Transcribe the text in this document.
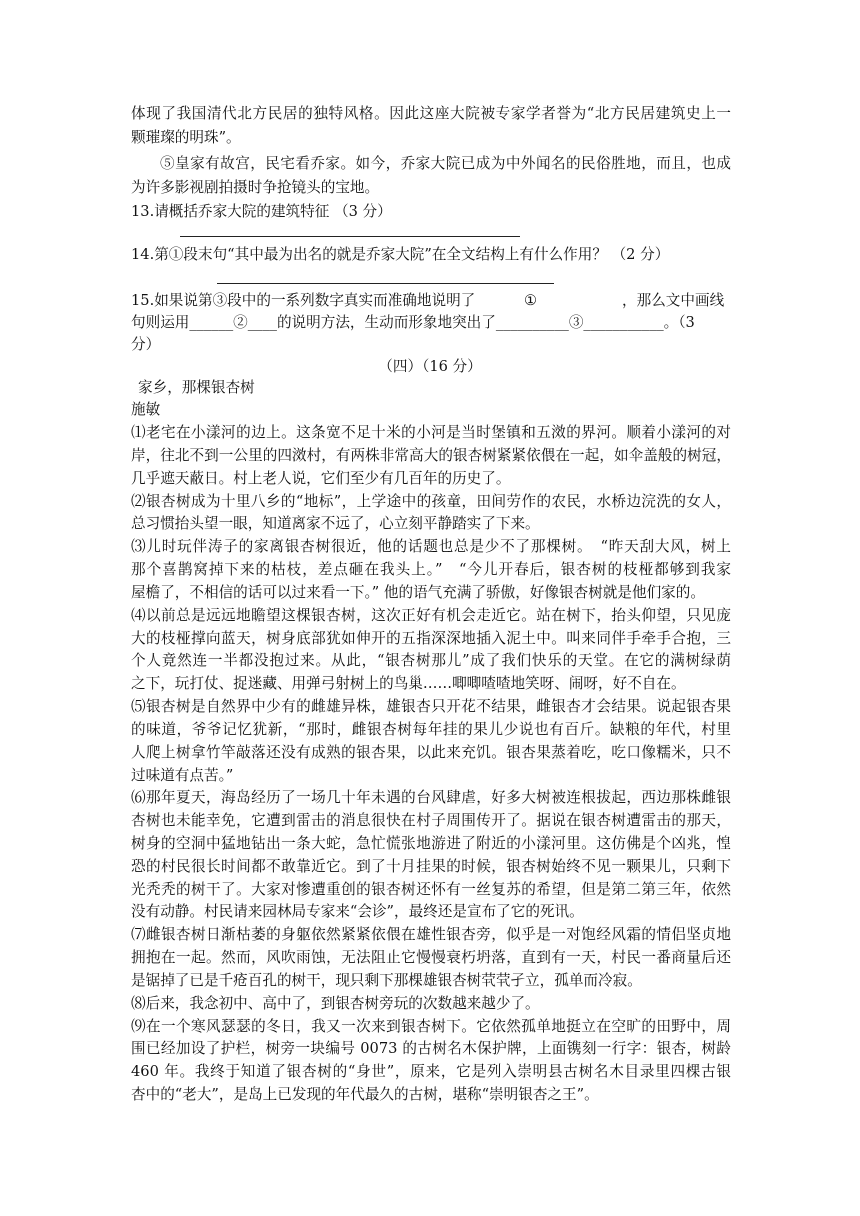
体现了我国清代北方民居的独特风格。因此这座大院被专家学者誉为“北方民居建筑史上一
颗璀璨的明珠”。
⑤皇家有故宫，民宅看乔家。如今，乔家大院已成为中外闻名的民俗胜地，而且，也成
为许多影视剧拍摄时争抢镜头的宝地。
13.请概括乔家大院的建筑特征 （3 分）
14.第①段末句“其中最为出名的就是乔家大院”在全文结构上有什么作用？ （2 分）
15.如果说第③段中的一系列数字真实而准确地说明了	①	，那么文中画线
句则运用______②____的说明方法，生动而形象地突出了__________③___________。（3
分）
（四）（16 分）
家乡，那棵银杏树
施敏
⑴老宅在小漾河的边上。这条宽不足十米的小河是当时堡镇和五滧的界河。顺着小漾河的对
岸，往北不到一公里的四滧村，有两株非常高大的银杏树紧紧依偎在一起，如伞盖般的树冠，
几乎遮天蔽日。村上老人说，它们至少有几百年的历史了。
⑵银杏树成为十里八乡的“地标”，上学途中的孩童，田间劳作的农民，水桥边浣洗的女人，
总习惯抬头望一眼，知道离家不远了，心立刻平静踏实了下来。
⑶儿时玩伴涛子的家离银杏树很近，他的话题也总是少不了那棵树。　“昨天刮大风，树上
那个喜鹊窝掉下来的枯枝，差点砸在我头上。”　“今儿开春后，银杏树的枝桠都够到我家
屋檐了，不相信的话可以过来看一下。” 他的语气充满了骄傲，好像银杏树就是他们家的。
⑷以前总是远远地瞻望这棵银杏树，这次正好有机会走近它。站在树下，抬头仰望，只见庞
大的枝桠撑向蓝天，树身底部犹如伸开的五指深深地插入泥土中。叫来同伴手牵手合抱，三
个人竟然连一半都没抱过来。从此，“银杏树那儿”成了我们快乐的天堂。在它的满树绿荫
之下，玩打仗、捉迷藏、用弹弓射树上的鸟巢……唧唧喳喳地笑呀、闹呀，好不自在。
⑸银杏树是自然界中少有的雌雄异株，雄银杏只开花不结果，雌银杏才会结果。说起银杏果
的味道，爷爷记忆犹新，“那时，雌银杏树每年挂的果儿少说也有百斤。缺粮的年代，村里
人爬上树拿竹竿敲落还没有成熟的银杏果，以此来充饥。银杏果蒸着吃，吃口像糯米，只不
过味道有点苦。”
⑹那年夏天，海岛经历了一场几十年未遇的台风肆虐，好多大树被连根拔起，西边那株雌银
杏树也未能幸免，它遭到雷击的消息很快在村子周围传开了。据说在银杏树遭雷击的那天，
树身的空洞中猛地钻出一条大蛇，急忙慌张地游进了附近的小漾河里。这仿佛是个凶兆，惶
恐的村民很长时间都不敢靠近它。到了十月挂果的时候，银杏树始终不见一颗果儿，只剩下
光秃秃的树干了。大家对惨遭重创的银杏树还怀有一丝复苏的希望，但是第二第三年，依然
没有动静。村民请来园林局专家来“会诊”，最终还是宣布了它的死讯。
⑺雌银杏树日渐枯萎的身躯依然紧紧依偎在雄性银杏旁，似乎是一对饱经风霜的情侣坚贞地
拥抱在一起。然而，风吹雨蚀，无法阻止它慢慢衰朽坍落，直到有一天，村民一番商量后还
是锯掉了已是千疮百孔的树干，现只剩下那棵雄银杏树茕茕孑立，孤单而冷寂。
⑻后来，我念初中、高中了，到银杏树旁玩的次数越来越少了。
⑼在一个寒风瑟瑟的冬日，我又一次来到银杏树下。它依然孤单地挺立在空旷的田野中，周
围已经加设了护栏，树旁一块编号 0073 的古树名木保护牌，上面镌刻一行字：银杏，树龄
460 年。我终于知道了银杏树的“身世”，原来，它是列入崇明县古树名木目录里四棵古银
杏中的“老大”，是岛上已发现的年代最久的古树，堪称“崇明银杏之王”。
